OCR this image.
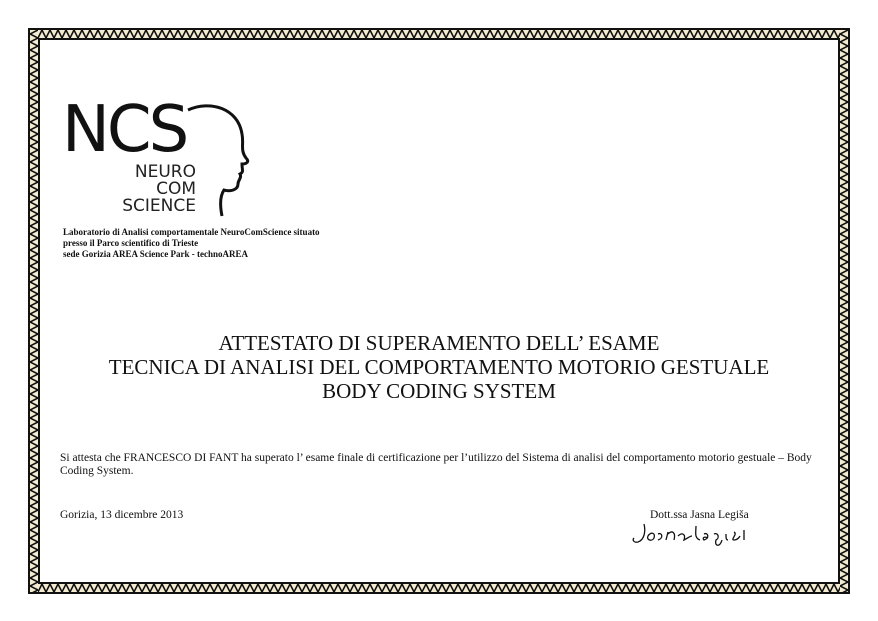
NCS
NEURO
COM
SCIENCE
Laboratorio di Analisi comportamentale NeuroComScience situato
presso il Parco scientifico di Trieste
sede Gorizia AREA Science Park - technoAREA
ATTESTATO DI SUPERAMENTO DELL’ ESAME
TECNICA DI ANALISI DEL COMPORTAMENTO MOTORIO GESTUALE
BODY CODING SYSTEM
Si attesta che FRANCESCO DI FANT ha superato l’ esame finale di certificazione per l’utilizzo del Sistema di analisi del comportamento motorio gestuale – Body Coding System.
Gorizia, 13 dicembre 2013	Dott.ssa Jasna Legiša
